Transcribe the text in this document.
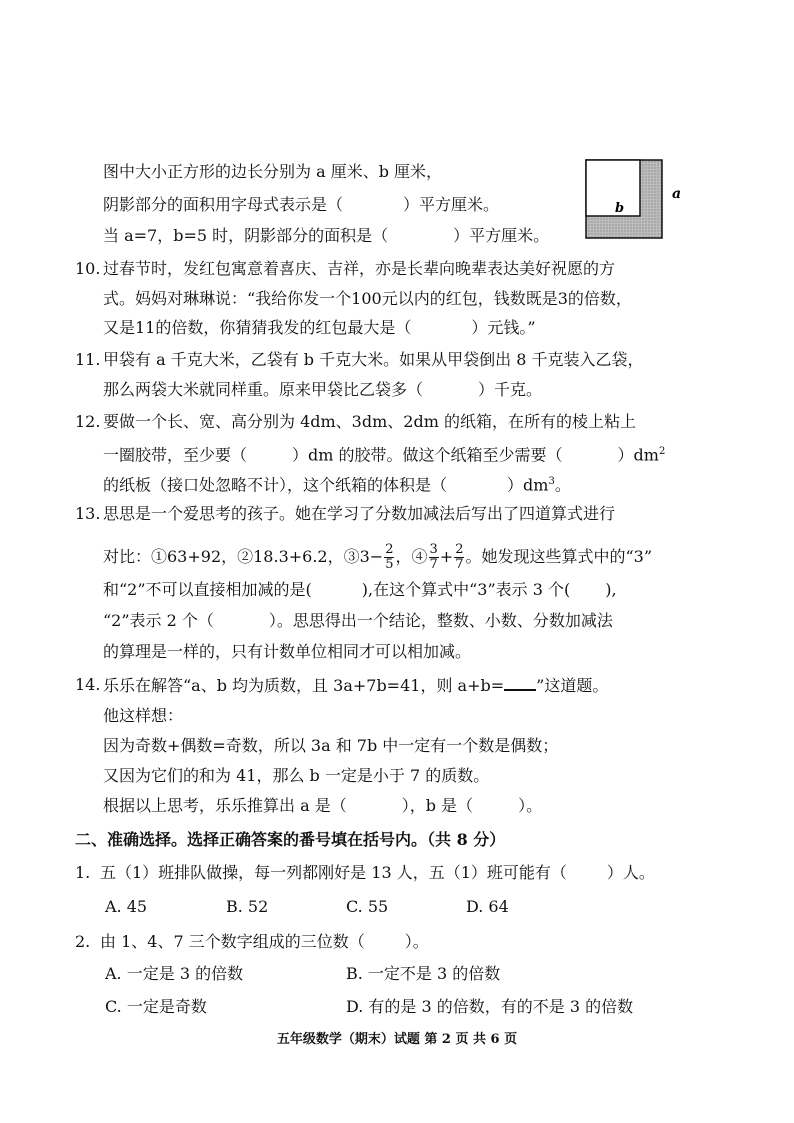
图中大小正方形的边长分别为 a 厘米、b 厘米，
阴影部分的面积用字母式表示是（	）平方厘米。
当 a=7，b=5 时，阴影部分的面积是（	）平方厘米。
b
a
10. 过春节时，发红包寓意着喜庆、吉祥，亦是长辈向晚辈表达美好祝愿的方
式。妈妈对琳琳说：“我给你发一个100元以内的红包，钱数既是3的倍数，
又是11的倍数，你猜猜我发的红包最大是（	）元钱。”
11. 甲袋有 a 千克大米，乙袋有 b 千克大米。如果从甲袋倒出 8 千克装入乙袋，
那么两袋大米就同样重。原来甲袋比乙袋多（	）千克。
12. 要做一个长、宽、高分别为 4dm、3dm、2dm 的纸箱，在所有的棱上粘上
一圈胶带，至少要（	）dm 的胶带。做这个纸箱至少需要（	）$dm^2$
的纸板（接口处忽略不计），这个纸箱的体积是（	）$dm^3$。
13. 思思是一个爱思考的孩子。她在学习了分数加减法后写出了四道算式进行
对比：①63+92，②18.3+6.2，③3− $\frac{2}{5}$ ，④ $\frac{3}{7} + \frac{2}{7}$ 。她发现这些算式中的“3”
和“2”不可以直接相加减的是(	),在这个算式中“3”表示 3 个( ),
“2”表示 2 个（	）。思思得出一个结论，整数、小数、分数加减法
的算理是一样的，只有计数单位相同才可以相加减。
14. 乐乐在解答“a、b 均为质数，且 3a+7b=41，则 a+b= ”这道题。
他这样想：
因为奇数+偶数=奇数，所以 3a 和 7b 中一定有一个数是偶数；
又因为它们的和为 41，那么 b 一定是小于 7 的质数。
根据以上思考，乐乐推算出 a 是（	），b 是（	）。
二、准确选择。选择正确答案的番号填在括号内。（共 8 分）
1. 五（1）班排队做操，每一列都刚好是 13 人，五（1）班可能有（	）人。
A. 45	B. 52	C. 55	D. 64
2. 由 1、4、7 三个数字组成的三位数（	）。
A. 一定是 3 的倍数	B. 一定不是 3 的倍数
C. 一定是奇数	D. 有的是 3 的倍数，有的不是 3 的倍数
五年级数学（期末）试题 第 2 页 共 6 页
